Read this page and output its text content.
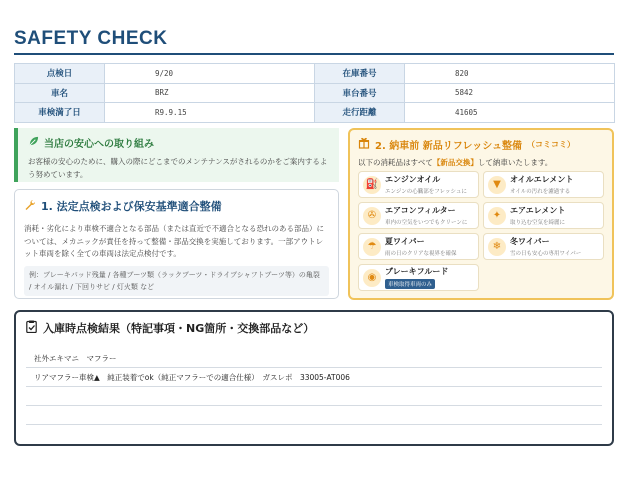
SAFETY CHECK
点検日	9/20	在庫番号	820
車名	BRZ	車台番号	5842
車検満了日	R9.9.15	走行距離	41605
当店の安心への取り組み
お客様の安心のために、購入の際にどこまでのメンテナンスがされるのかをご案内するよう努めています。
1. 法定点検および保安基準適合整備
消耗・劣化により車検不適合となる部品（または直近で不適合となる恐れのある部品）については、メカニックが責任を持って整備・部品交換を実施しております。一部アウトレット車両を除く全ての車両は法定点検付です。
例：ブレーキパッド残量 / 各種ブーツ類（ラックブーツ・ドライブシャフトブーツ等）の亀裂 / オイル漏れ / 下回りサビ / 灯火類 など
2. 納車前 新品リフレッシュ整備 （コミコミ）
以下の消耗品はすべて【新品交換】して納車いたします。
⛽ エンジンオイル
エンジンの心臓部をフレッシュに
▼	オイルエレメント
オイルの汚れを濾過する
✇	エアコンフィルター
車内の空気をいつでもクリーンに
✦	エアエレメント
取り込む空気を綺麗に
☂	夏ワイパー
雨の日のクリアな視界を確保
❄	冬ワイパー
雪の日も安心の専用ワイパー
◉
ブレーキフルード
車検取得車両のみ
入庫時点検結果（特記事項・NG箇所・交換部品など）
社外エキマニ　マフラー
リアマフラー車検▲　純正装着でok（純正マフラーでの適合仕様）　ガスレポ　33005-AT006
